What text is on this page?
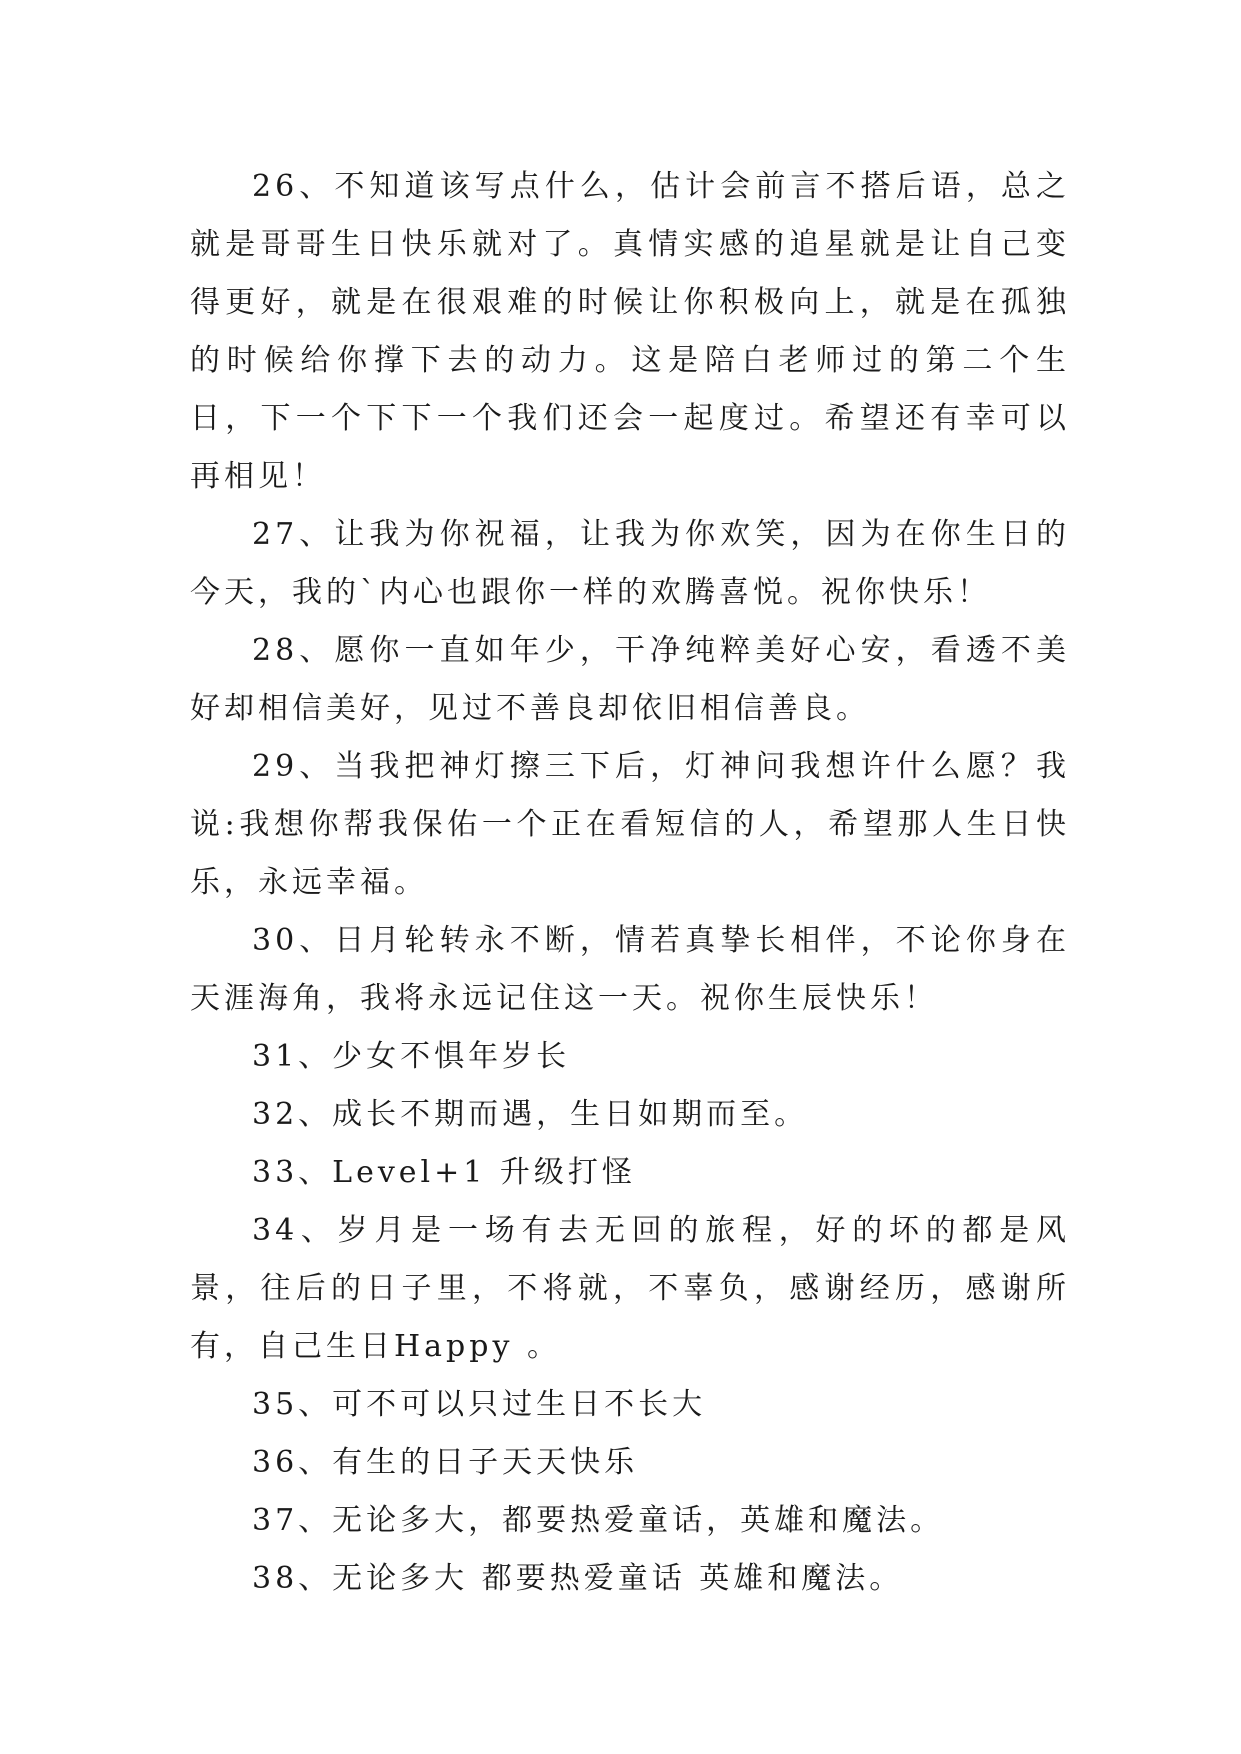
26、不知道该写点什么，估计会前言不搭后语，总之就是哥哥生日快乐就对了。真情实感的追星就是让自己变得更好，就是在很艰难的时候让你积极向上，就是在孤独的时候给你撑下去的动力。这是陪白老师过的第二个生日，下一个下下一个我们还会一起度过。希望还有幸可以再相见！

27、让我为你祝福，让我为你欢笑，因为在你生日的今天，我的`内心也跟你一样的欢腾喜悦。祝你快乐！

28、愿你一直如年少，干净纯粹美好心安，看透不美好却相信美好，见过不善良却依旧相信善良。

29、当我把神灯擦三下后，灯神问我想许什么愿？我说:我想你帮我保佑一个正在看短信的人，希望那人生日快乐，永远幸福。

30、日月轮转永不断，情若真挚长相伴，不论你身在天涯海角，我将永远记住这一天。祝你生辰快乐！

31、少女不惧年岁长

32、成长不期而遇，生日如期而至。

33、Level+1 升级打怪

34、岁月是一场有去无回的旅程，好的坏的都是风景，往后的日子里，不将就，不辜负，感谢经历，感谢所有，自己生日Happy 。

35、可不可以只过生日不长大

36、有生的日子天天快乐

37、无论多大，都要热爱童话，英雄和魔法。

38、无论多大 都要热爱童话 英雄和魔法。
